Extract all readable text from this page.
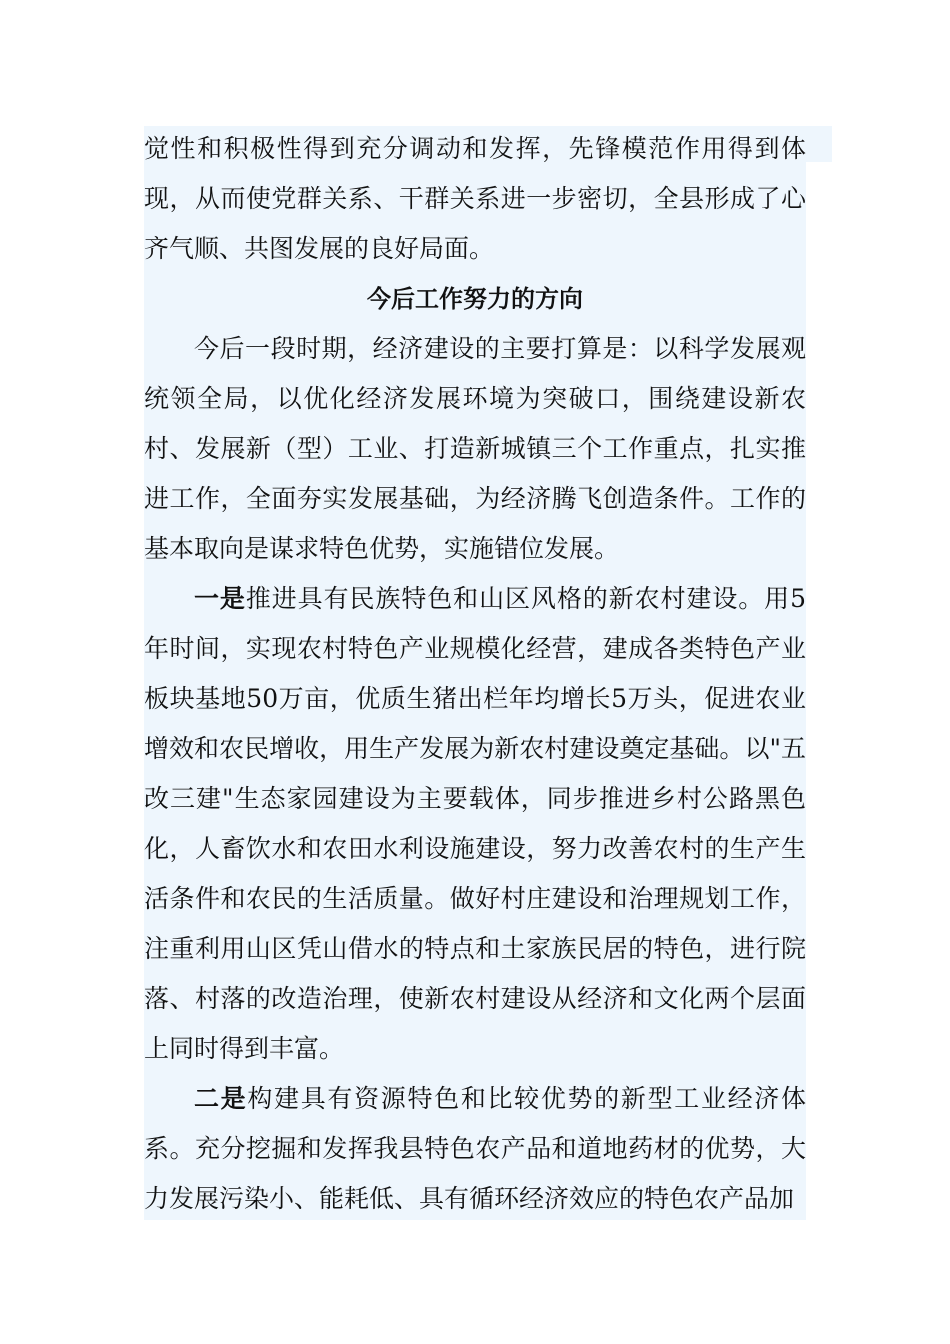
觉性和积极性得到充分调动和发挥，先锋模范作用得到体现，从而使党群关系、干群关系进一步密切，全县形成了心齐气顺、共图发展的良好局面。

今后工作努力的方向

今后一段时期，经济建设的主要打算是：以科学发展观统领全局，以优化经济发展环境为突破口，围绕建设新农村、发展新（型）工业、打造新城镇三个工作重点，扎实推进工作，全面夯实发展基础，为经济腾飞创造条件。工作的基本取向是谋求特色优势，实施错位发展。

一是推进具有民族特色和山区风格的新农村建设。用5年时间，实现农村特色产业规模化经营，建成各类特色产业板块基地50万亩，优质生猪出栏年均增长5万头，促进农业增效和农民增收，用生产发展为新农村建设奠定基础。以"五改三建"生态家园建设为主要载体，同步推进乡村公路黑色化，人畜饮水和农田水利设施建设，努力改善农村的生产生活条件和农民的生活质量。做好村庄建设和治理规划工作，注重利用山区凭山借水的特点和土家族民居的特色，进行院落、村落的改造治理，使新农村建设从经济和文化两个层面上同时得到丰富。

二是构建具有资源特色和比较优势的新型工业经济体系。充分挖掘和发挥我县特色农产品和道地药材的优势，大力发展污染小、能耗低、具有循环经济效应的特色农产品加
